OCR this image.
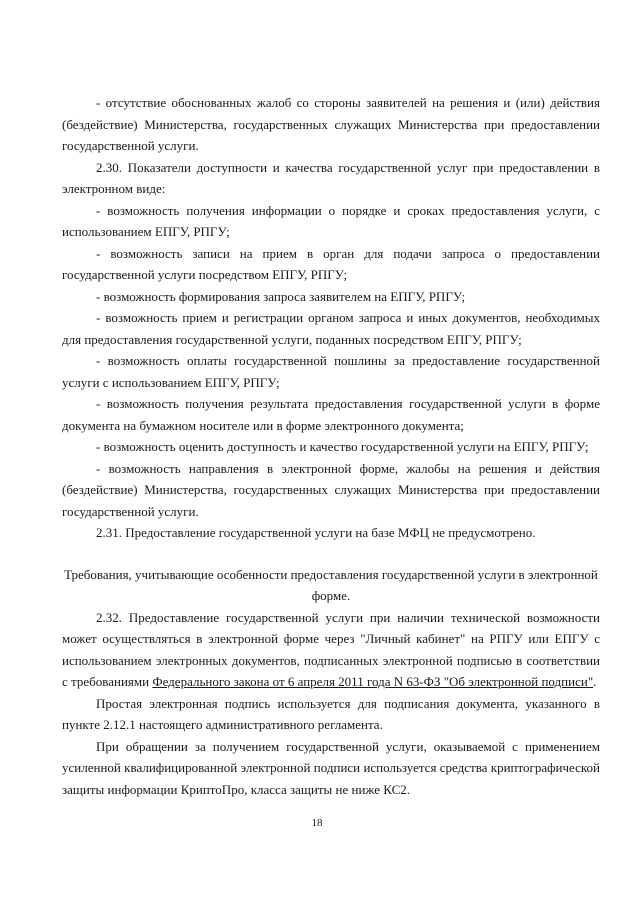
- отсутствие обоснованных жалоб со стороны заявителей на решения и (или) действия (бездействие) Министерства, государственных служащих Министерства при предоставлении государственной услуги.

2.30. Показатели доступности и качества государственной услуг при предоставлении в электронном виде:

- возможность получения информации о порядке и сроках предоставления услуги, с использованием ЕПГУ, РПГУ;

- возможность записи на прием в орган для подачи запроса о предоставлении государственной услуги посредством ЕПГУ, РПГУ;

- возможность формирования запроса заявителем на ЕПГУ, РПГУ;

- возможность прием и регистрации органом запроса и иных документов, необходимых для предоставления государственной услуги, поданных посредством ЕПГУ, РПГУ;

- возможность оплаты государственной пошлины за предоставление государственной услуги с использованием ЕПГУ, РПГУ;

- возможность получения результата предоставления государственной услуги в форме документа на бумажном носителе или в форме электронного документа;

- возможность оценить доступность и качество государственной услуги на ЕПГУ, РПГУ;

- возможность направления в электронной форме, жалобы на решения и действия (бездействие) Министерства, государственных служащих Министерства при предоставлении государственной услуги.

2.31. Предоставление государственной услуги на базе МФЦ не предусмотрено.

Требования, учитывающие особенности предоставления государственной услуги в электронной форме.

2.32. Предоставление государственной услуги при наличии технической возможности может осуществляться в электронной форме через "Личный кабинет" на РПГУ или ЕПГУ с использованием электронных документов, подписанных электронной подписью в соответствии с требованиями Федерального закона от 6 апреля 2011 года N 63-ФЗ "Об электронной подписи".

Простая электронная подпись используется для подписания документа, указанного в пункте 2.12.1 настоящего административного регламента.

При обращении за получением государственной услуги, оказываемой с применением усиленной квалифицированной электронной подписи используется средства криптографической защиты информации КриптоПро, класса защиты не ниже КС2.

18
